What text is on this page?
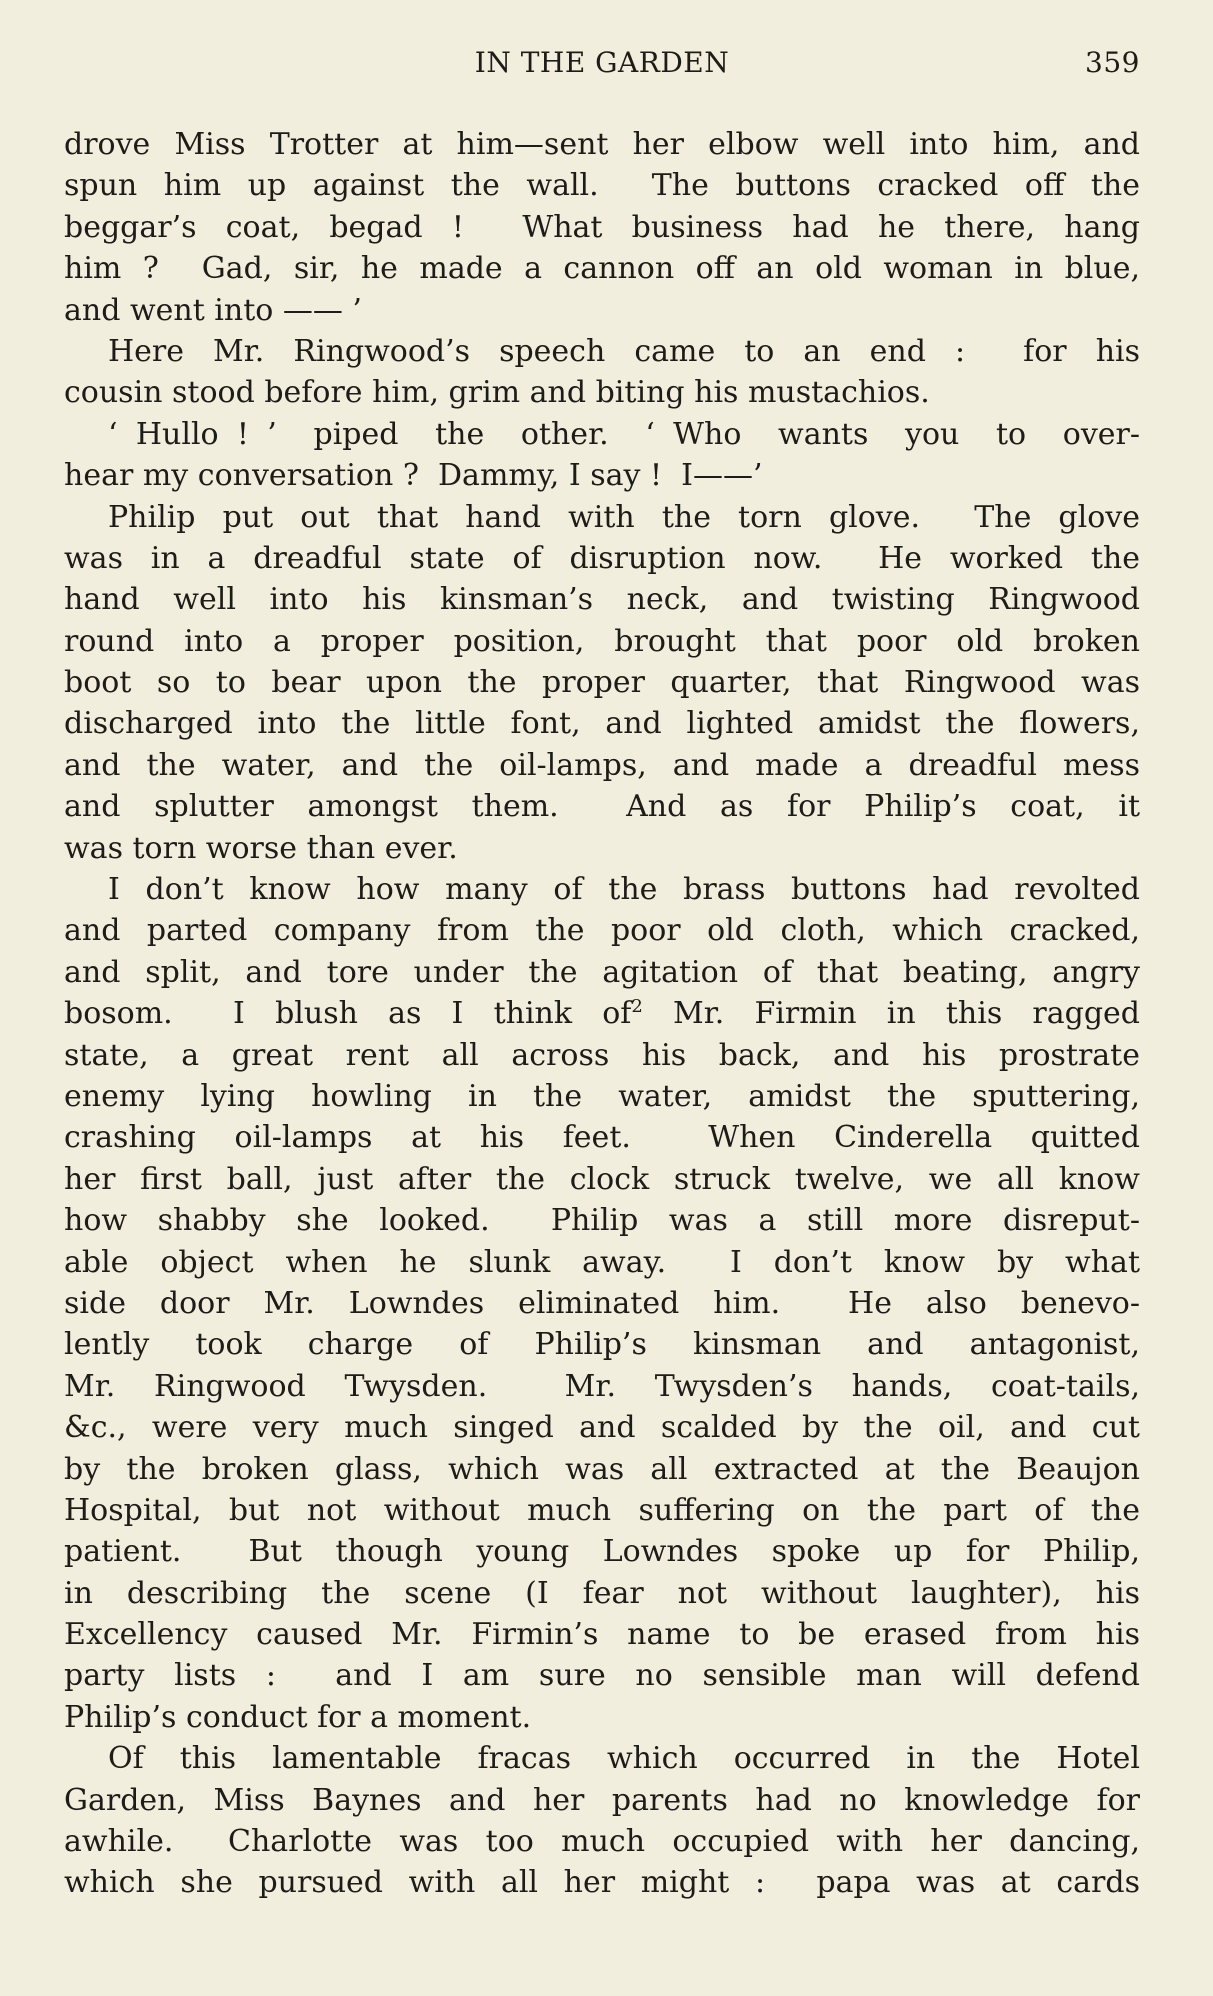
IN THE GARDEN	359
drove Miss Trotter at him—sent her elbow well into him, and
spun him up against the wall.  The buttons cracked off the
beggar’s coat, begad !  What business had he there, hang
him ?  Gad, sir, he made a cannon off an old woman in blue,
and went into —— ’
Here Mr. Ringwood’s speech came to an end :  for his
cousin stood before him, grim and biting his mustachios.
‘ Hullo ! ’  piped  the  other.  ‘ Who  wants  you  to  over-
hear my conversation ?  Dammy, I say !  I——’
Philip put out that hand with the torn glove.  The glove
was in a dreadful state of disruption now.  He worked the
hand well into his kinsman’s neck, and twisting Ringwood
round into a proper position, brought that poor old broken
boot so to bear upon the proper quarter, that Ringwood was
discharged into the little font, and lighted amidst the flowers,
and the water, and the oil-lamps, and made a dreadful mess
and splutter amongst them.  And as for Philip’s coat, it
was torn worse than ever.
I don’t know how many of the brass buttons had revolted
and parted company from the poor old cloth, which cracked,
and split, and tore under the agitation of that beating, angry
bosom.  I blush as I think $of^2$ Mr. Firmin in this ragged
state, a great rent all across his back, and his prostrate
enemy lying howling in the water, amidst the sputtering,
crashing oil-lamps at his feet.  When Cinderella quitted
her first ball, just after the clock struck twelve, we all know
how shabby she looked.  Philip was a still more disreput-
able object when he slunk away.  I don’t know by what
side door Mr. Lowndes eliminated him.  He also benevo-
lently took charge of Philip’s kinsman and antagonist,
Mr. Ringwood Twysden.  Mr. Twysden’s hands, coat-tails,
&c., were very much singed and scalded by the oil, and cut
by the broken glass, which was all extracted at the Beaujon
Hospital, but not without much suffering on the part of the
patient.  But though young Lowndes spoke up for Philip,
in describing the scene (I fear not without laughter), his
Excellency caused Mr. Firmin’s name to be erased from his
party lists :  and I am sure no sensible man will defend
Philip’s conduct for a moment.
Of this lamentable fracas which occurred in the Hotel
Garden, Miss Baynes and her parents had no knowledge for
awhile.  Charlotte was too much occupied with her dancing,
which she pursued with all her might :  papa was at cards
